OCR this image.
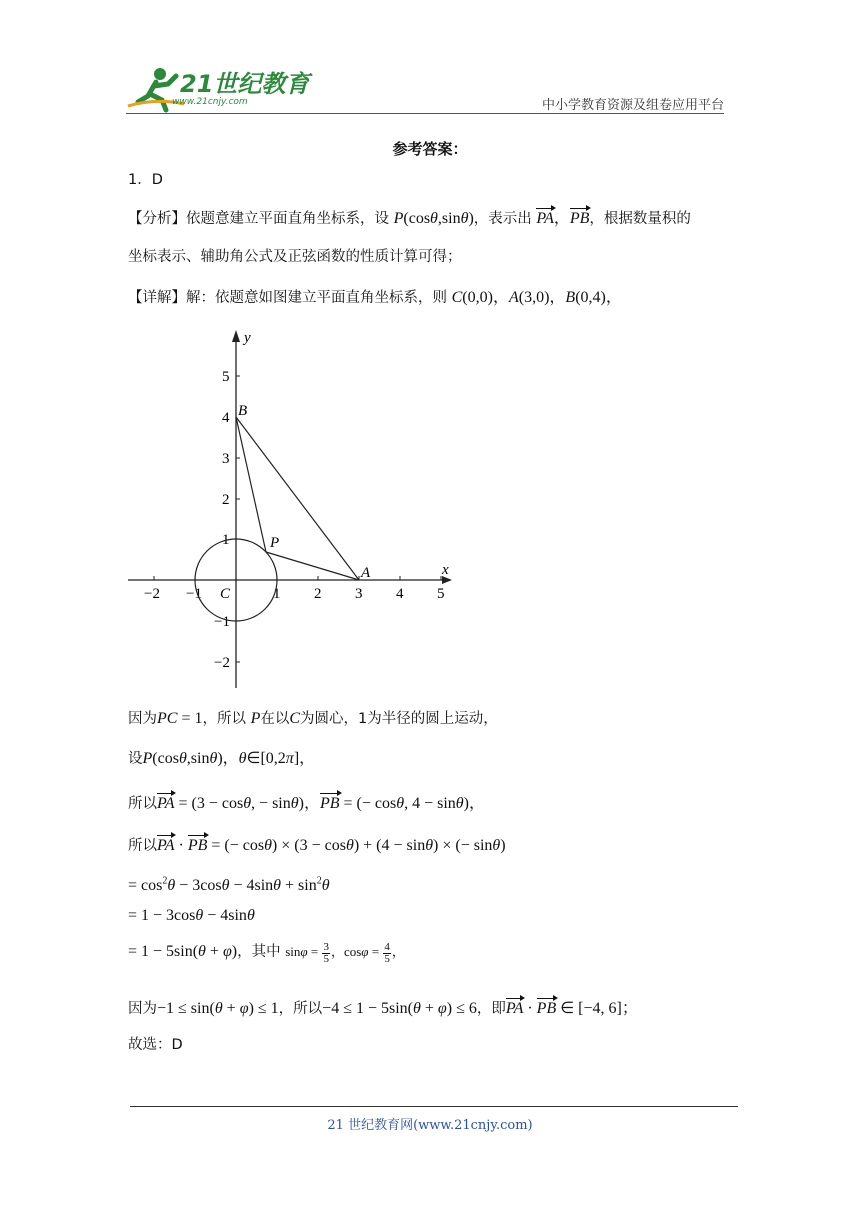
21世纪教育
www.21cnjy.com	中小学教育资源及组卷应用平台
参考答案：
1．D
【分析】依题意建立平面直角坐标系，设 P(cosθ,sinθ)，表示出 PA，PB，根据数量积的
坐标表示、辅助角公式及正弦函数的性质计算可得；
【详解】解：依题意如图建立平面直角坐标系，则 C(0,0)，A(3,0)，B(0,4)，
x
y
−2 −1	1 2 3 4 5
5
4
3
2
1
−1
−2
B
P
A
C
因为PC = 1，所以 P在以C为圆心，1为半径的圆上运动，
设P(cosθ,sinθ)，θ∈[0,2π]，
所以PA = (3 − cosθ, − sinθ)，PB = (− cosθ, 4 − sinθ)，
所以PA · PB = (− cosθ) × (3 − cosθ) + (4 − sinθ) × (− sinθ)
= $\cos^2\theta - 3\cos\theta - 4\sin\theta + \sin^2\theta$
= 1 − 3cosθ − 4sinθ
= 1 − 5sin(θ + φ)，其中 $\sin\varphi = \frac{3}{5}$ ，$\cos\varphi = \frac{4}{5}$ ，
因为−1 ≤ sin(θ + φ) ≤ 1，所以−4 ≤ 1 − 5sin(θ + φ) ≤ 6，即PA · PB ∈ [−4, 6]；
故选：D
21 世纪教育网(www.21cnjy.com)
